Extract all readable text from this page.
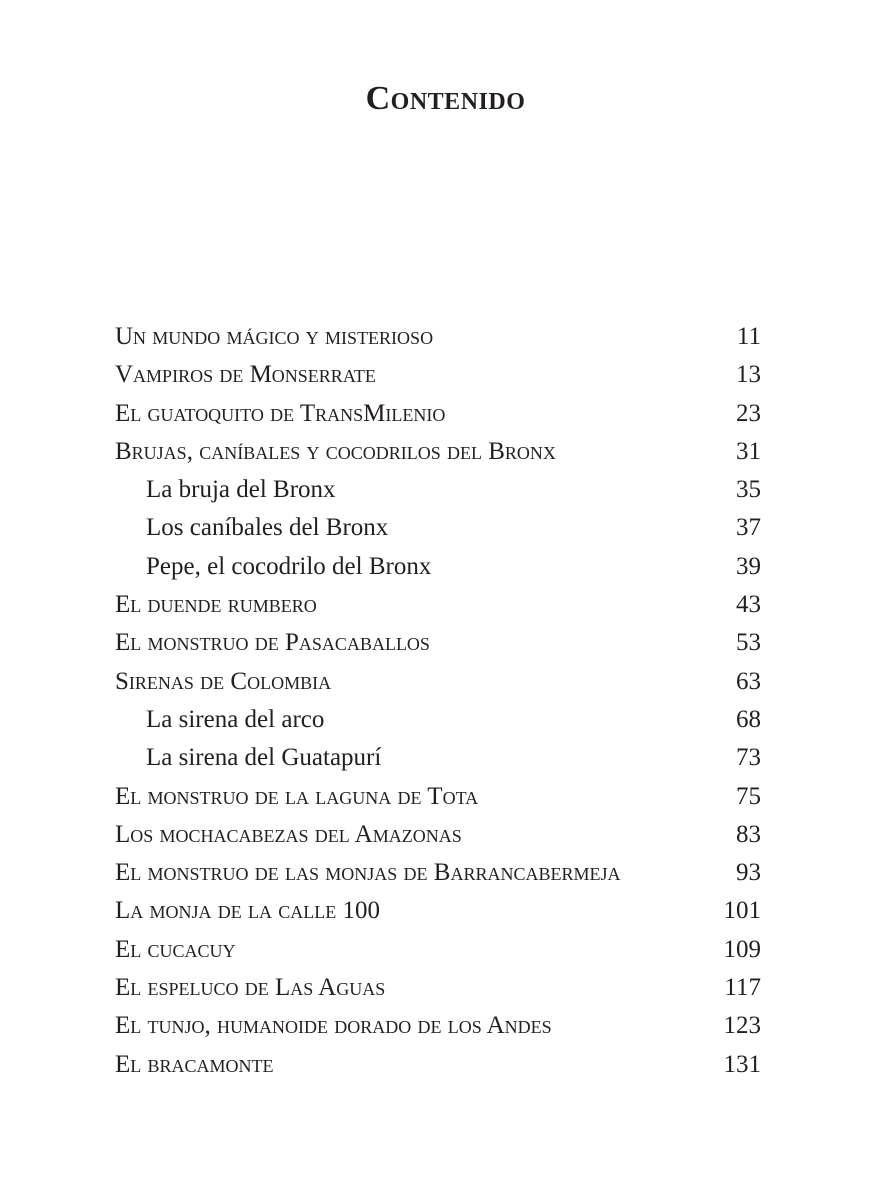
Contenido
Un mundo mágico y misterioso	11
Vampiros de Monserrate	13
El guatoquito de TransMilenio	23
Brujas, caníbales y cocodrilos del Bronx	31
La bruja del Bronx	35
Los caníbales del Bronx	37
Pepe, el cocodrilo del Bronx	39
El duende rumbero	43
El monstruo de Pasacaballos	53
Sirenas de Colombia	63
La sirena del arco	68
La sirena del Guatapurí	73
El monstruo de la laguna de Tota	75
Los mochacabezas del Amazonas	83
El monstruo de las monjas de Barrancabermeja	93
La monja de la calle 100	101
El cucacuy	109
El espeluco de Las Aguas	117
El tunjo, humanoide dorado de los Andes	123
El bracamonte	131
